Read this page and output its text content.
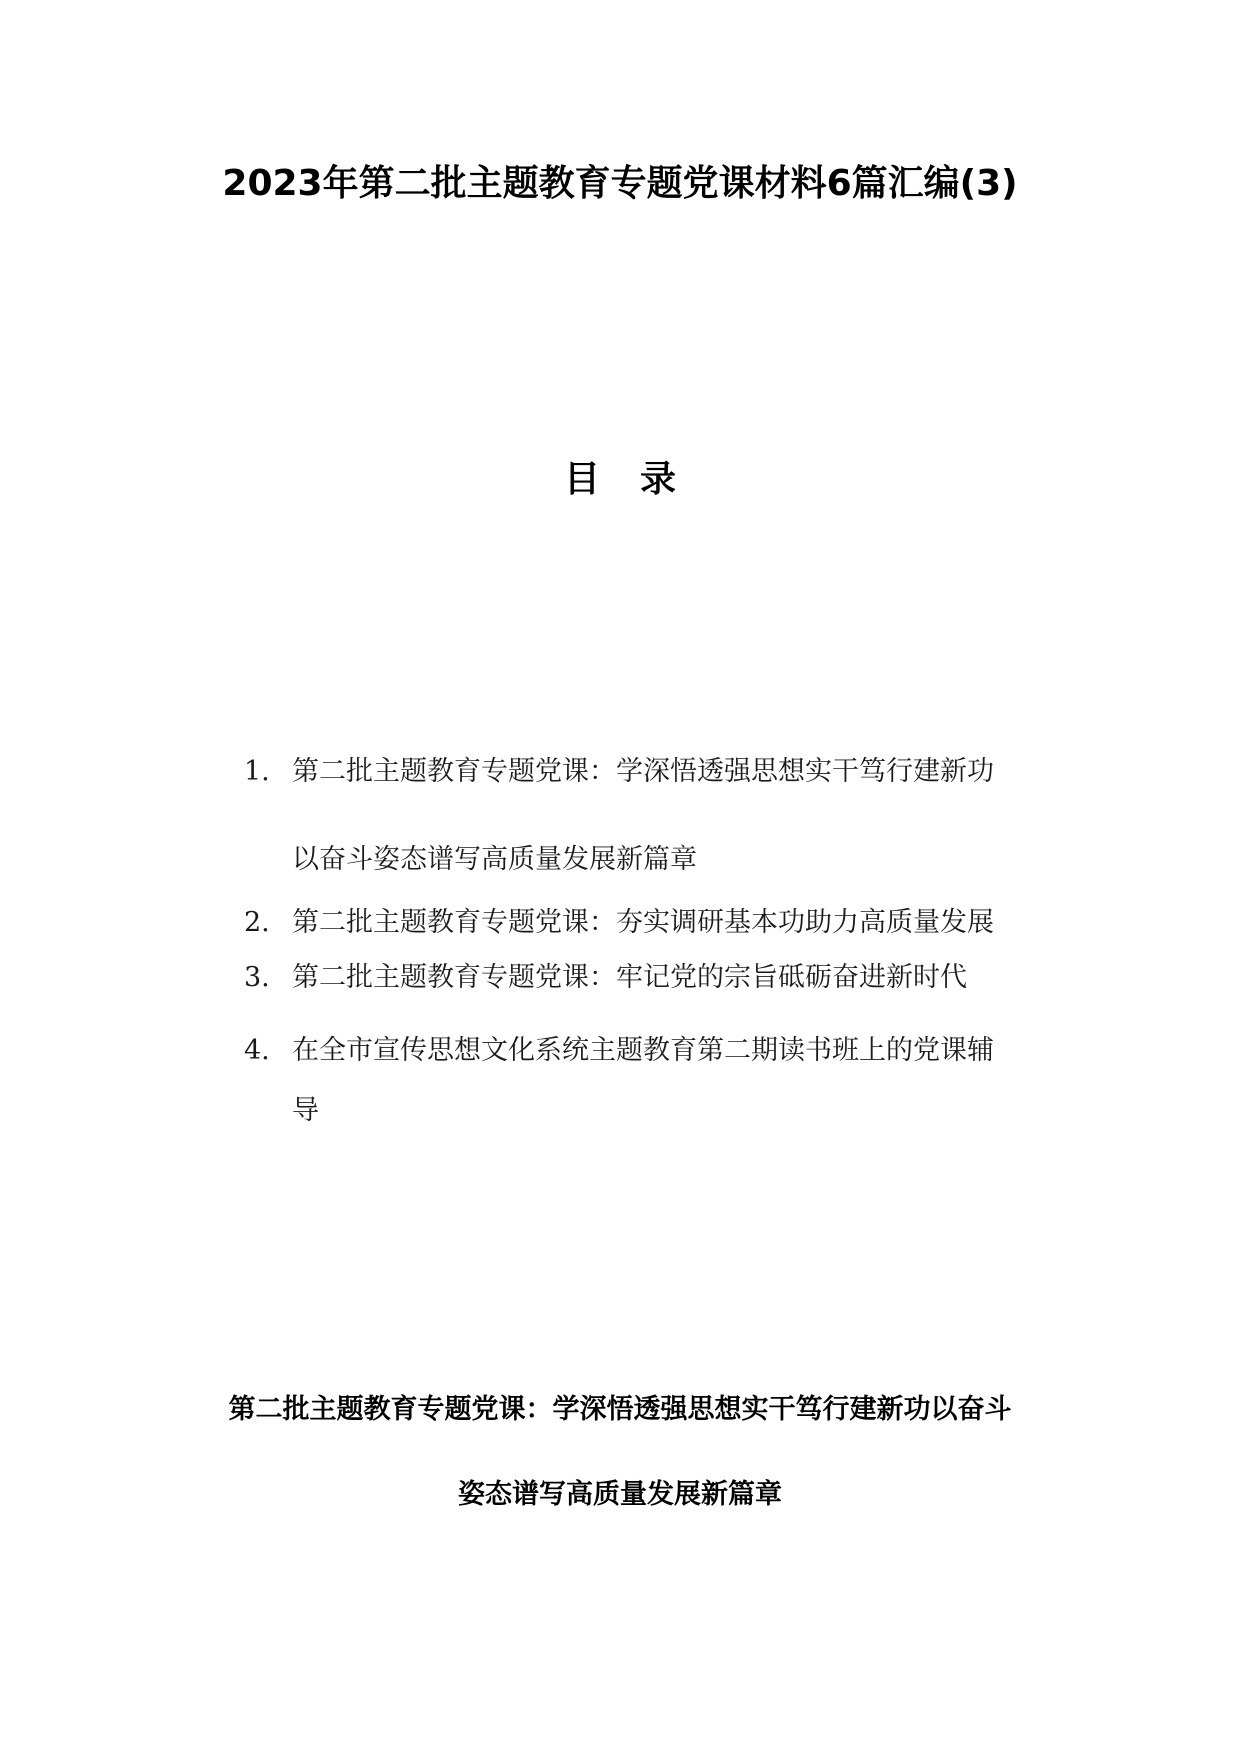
2023年第二批主题教育专题党课材料6篇汇编(3)
目录
1. 第二批主题教育专题党课：学深悟透强思想实干笃行建新功
以奋斗姿态谱写高质量发展新篇章
2. 第二批主题教育专题党课：夯实调研基本功助力高质量发展
3. 第二批主题教育专题党课：牢记党的宗旨砥砺奋进新时代
4. 在全市宣传思想文化系统主题教育第二期读书班上的党课辅
导
第二批主题教育专题党课：学深悟透强思想实干笃行建新功以奋斗
姿态谱写高质量发展新篇章
